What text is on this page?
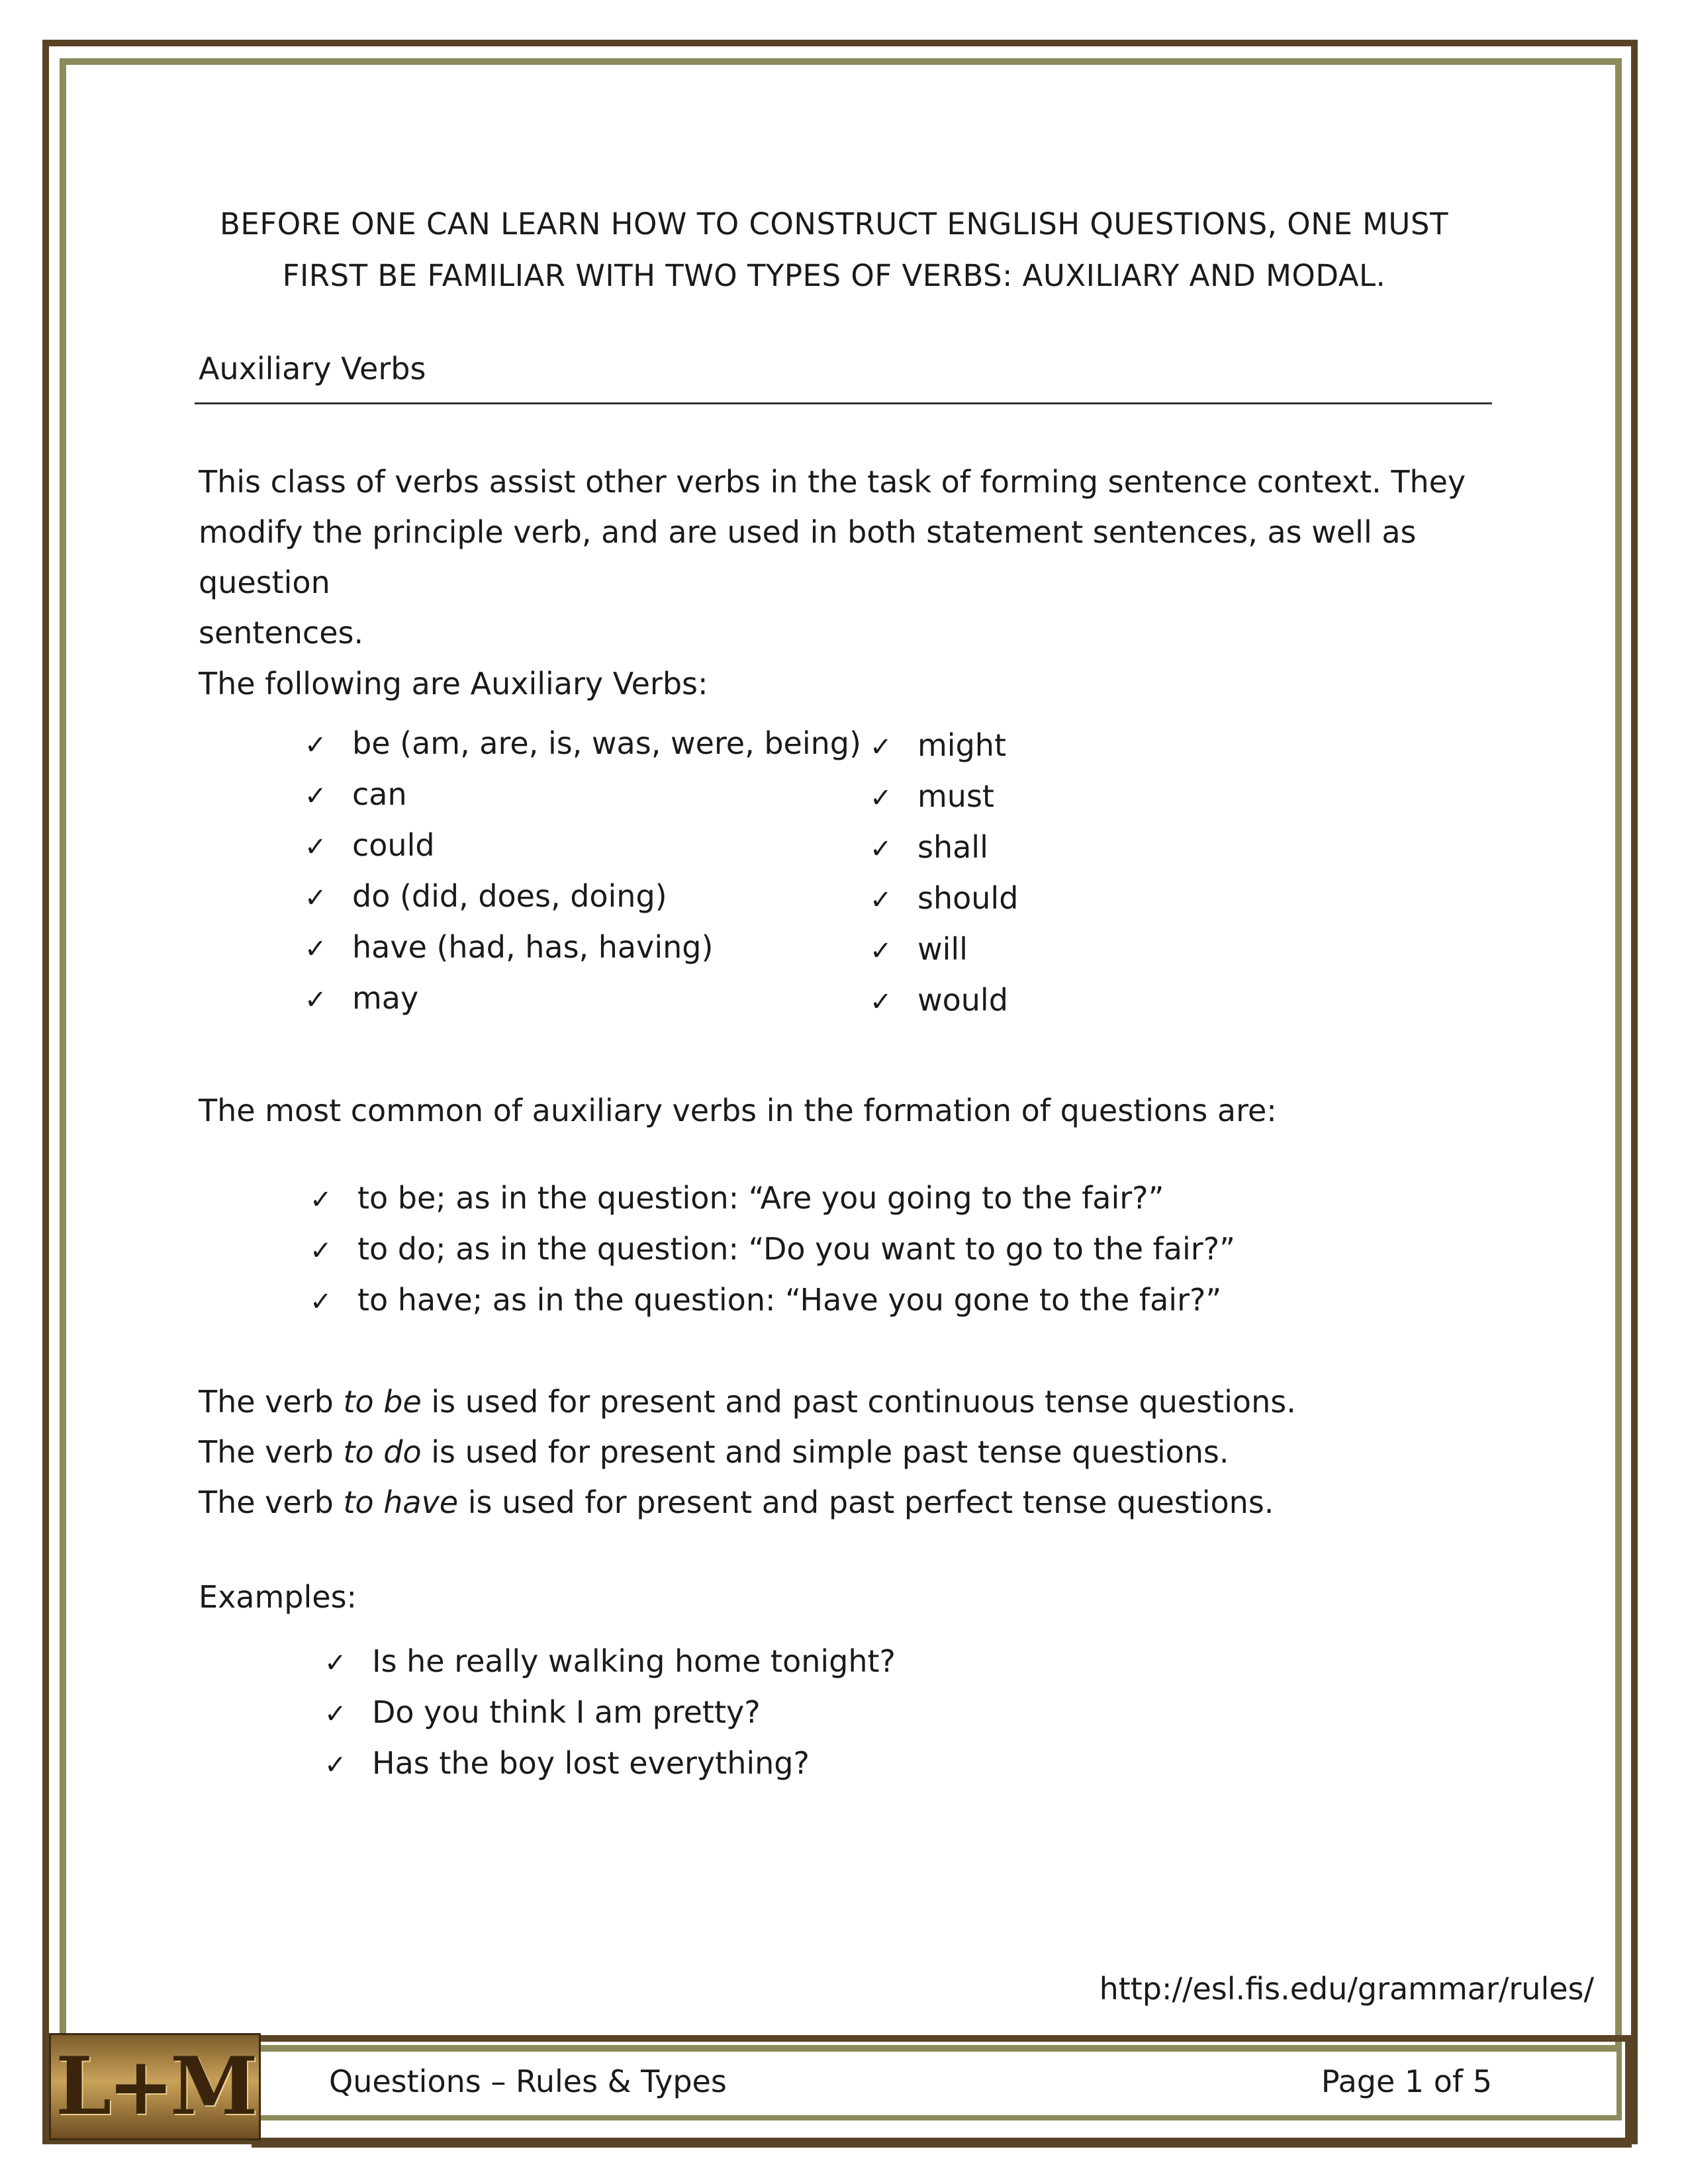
BEFORE ONE CAN LEARN HOW TO CONSTRUCT ENGLISH QUESTIONS, ONE MUST
FIRST BE FAMILIAR WITH TWO TYPES OF VERBS: AUXILIARY AND MODAL.
Auxiliary Verbs
This class of verbs assist other verbs in the task of forming sentence context. They
modify the principle verb, and are used in both statement sentences, as well as question
sentences.
The following are Auxiliary Verbs:
✓ be (am, are, is, was, were, being)
✓ can
✓ could
✓ do (did, does, doing)
✓ have (had, has, having)
✓ may
✓ might
✓ must
✓ shall
✓ should
✓ will
✓ would
The most common of auxiliary verbs in the formation of questions are:
✓ to be; as in the question: “Are you going to the fair?”
✓ to do; as in the question: “Do you want to go to the fair?”
✓ to have; as in the question: “Have you gone to the fair?”
The verb to be is used for present and past continuous tense questions.
The verb to do is used for present and simple past tense questions.
The verb to have is used for present and past perfect tense questions.
Examples:
✓ Is he really walking home tonight?
✓ Do you think I am pretty?
✓ Has the boy lost everything?
http://esl.fis.edu/grammar/rules/
L+M Questions – Rules & Types	Page 1 of 5
